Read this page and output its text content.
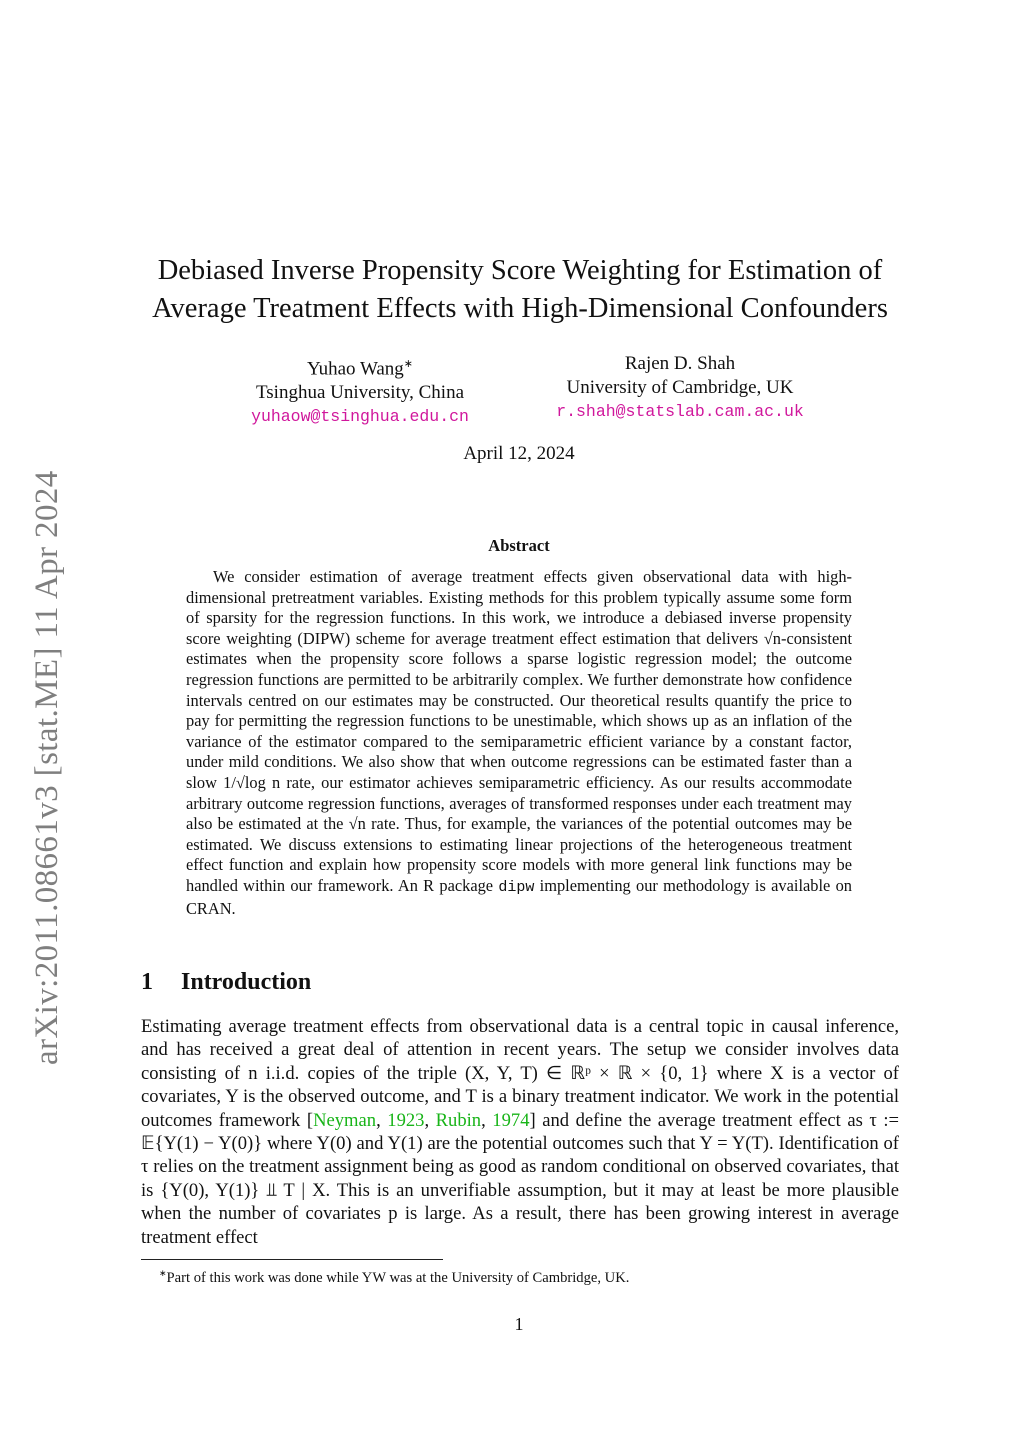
arXiv:2011.08661v3 [stat.ME] 11 Apr 2024
Debiased Inverse Propensity Score Weighting for Estimation of Average Treatment Effects with High-Dimensional Confounders
Yuhao Wang∗
Tsinghua University, China
yuhaow@tsinghua.edu.cn
Rajen D. Shah
University of Cambridge, UK
r.shah@statslab.cam.ac.uk
April 12, 2024
Abstract
We consider estimation of average treatment effects given observational data with high-dimensional pretreatment variables. Existing methods for this problem typically assume some form of sparsity for the regression functions. In this work, we introduce a debiased inverse propensity score weighting (DIPW) scheme for average treatment effect estimation that delivers √n-consistent estimates when the propensity score follows a sparse logistic regression model; the outcome regression functions are permitted to be arbitrarily complex. We further demonstrate how confidence intervals centred on our estimates may be constructed. Our theoretical results quantify the price to pay for permitting the regression functions to be unestimable, which shows up as an inflation of the variance of the estimator compared to the semiparametric efficient variance by a constant factor, under mild conditions. We also show that when outcome regressions can be estimated faster than a slow 1/√log n rate, our estimator achieves semiparametric efficiency. As our results accommodate arbitrary outcome regression functions, averages of transformed responses under each treatment may also be estimated at the √n rate. Thus, for example, the variances of the potential outcomes may be estimated. We discuss extensions to estimating linear projections of the heterogeneous treatment effect function and explain how propensity score models with more general link functions may be handled within our framework. An R package dipw implementing our methodology is available on CRAN.
1 Introduction
Estimating average treatment effects from observational data is a central topic in causal inference, and has received a great deal of attention in recent years. The setup we consider involves data consisting of n i.i.d. copies of the triple (X, Y, T) ∈ ℝᵖ × ℝ × {0, 1} where X is a vector of covariates, Y is the observed outcome, and T is a binary treatment indicator. We work in the potential outcomes framework [Neyman, 1923, Rubin, 1974] and define the average treatment effect as τ := 𝔼{Y(1) − Y(0)} where Y(0) and Y(1) are the potential outcomes such that Y = Y(T). Identification of τ relies on the treatment assignment being as good as random conditional on observed covariates, that is {Y(0), Y(1)} ⫫ T | X. This is an unverifiable assumption, but it may at least be more plausible when the number of covariates p is large. As a result, there has been growing interest in average treatment effect
∗Part of this work was done while YW was at the University of Cambridge, UK.
1
